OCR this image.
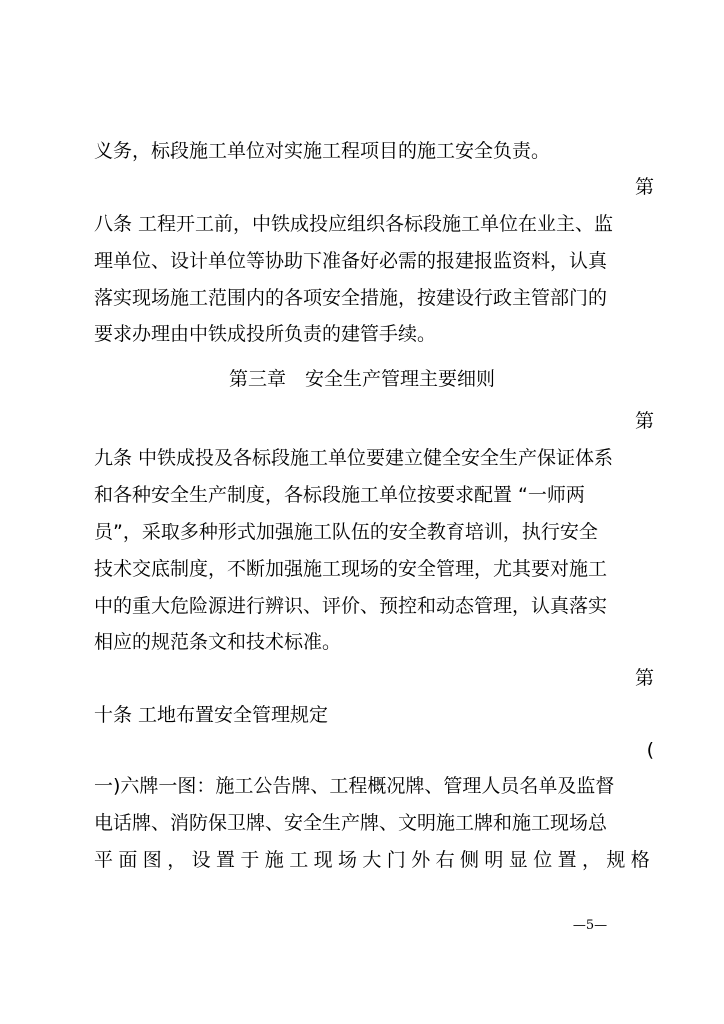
义务，标段施工单位对实施工程项目的施工安全负责。
第
八条 工程开工前，中铁成投应组织各标段施工单位在业主、监
理单位、设计单位等协助下准备好必需的报建报监资料，认真
落实现场施工范围内的各项安全措施，按建设行政主管部门的
要求办理由中铁成投所负责的建管手续。
第三章　安全生产管理主要细则
第
九条 中铁成投及各标段施工单位要建立健全安全生产保证体系
和各种安全生产制度，各标段施工单位按要求配置 “一师两
员”，采取多种形式加强施工队伍的安全教育培训，执行安全
技术交底制度，不断加强施工现场的安全管理，尤其要对施工
中的重大危险源进行辨识、评价、预控和动态管理，认真落实
相应的规范条文和技术标准。
第
十条 工地布置安全管理规定
(
一)六牌一图：施工公告牌、工程概况牌、管理人员名单及监督
电话牌、消防保卫牌、安全生产牌、文明施工牌和施工现场总
平面图，设置于施工现场大门外右侧明显位置，规格
—5—
